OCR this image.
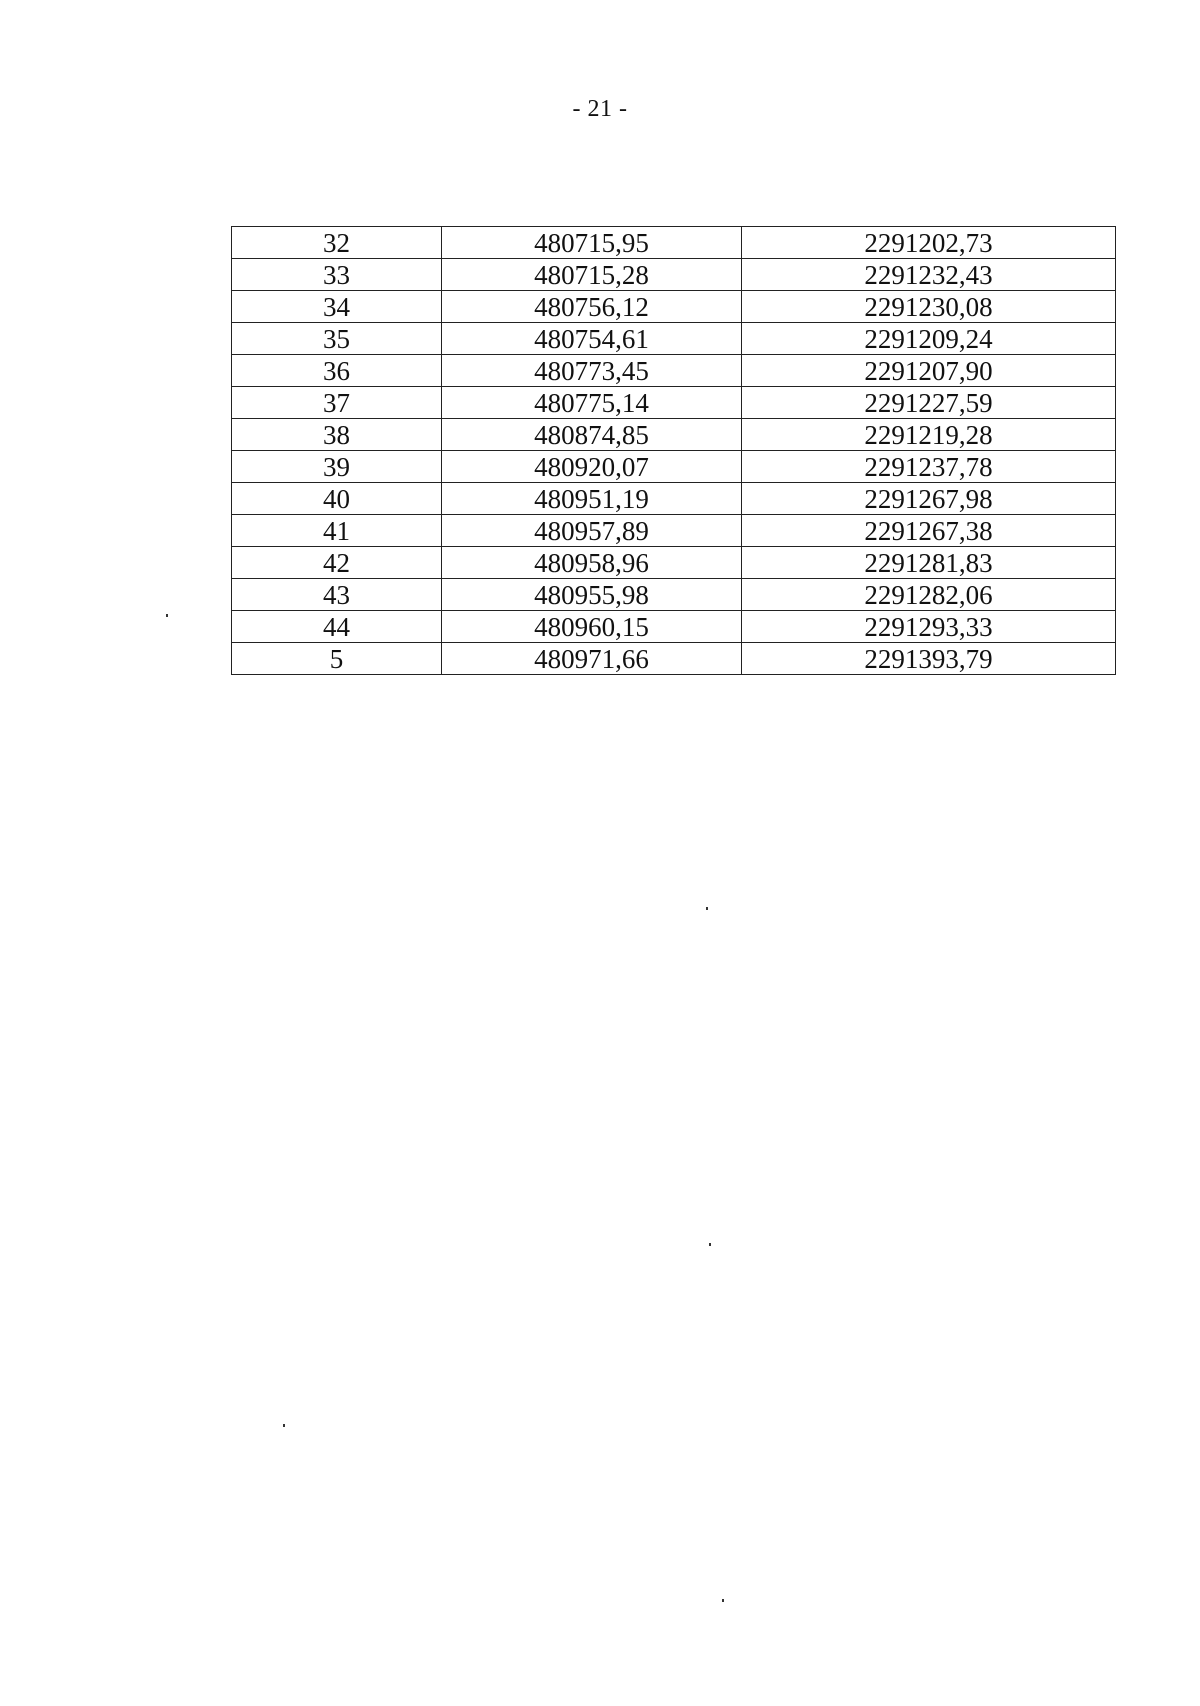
- 21 -
32	480715,95	2291202,73
33	480715,28	2291232,43
34	480756,12	2291230,08
35	480754,61	2291209,24
36	480773,45	2291207,90
37	480775,14	2291227,59
38	480874,85	2291219,28
39	480920,07	2291237,78
40	480951,19	2291267,98
41	480957,89	2291267,38
42	480958,96	2291281,83
43	480955,98	2291282,06
44	480960,15	2291293,33
5	480971,66	2291393,79
